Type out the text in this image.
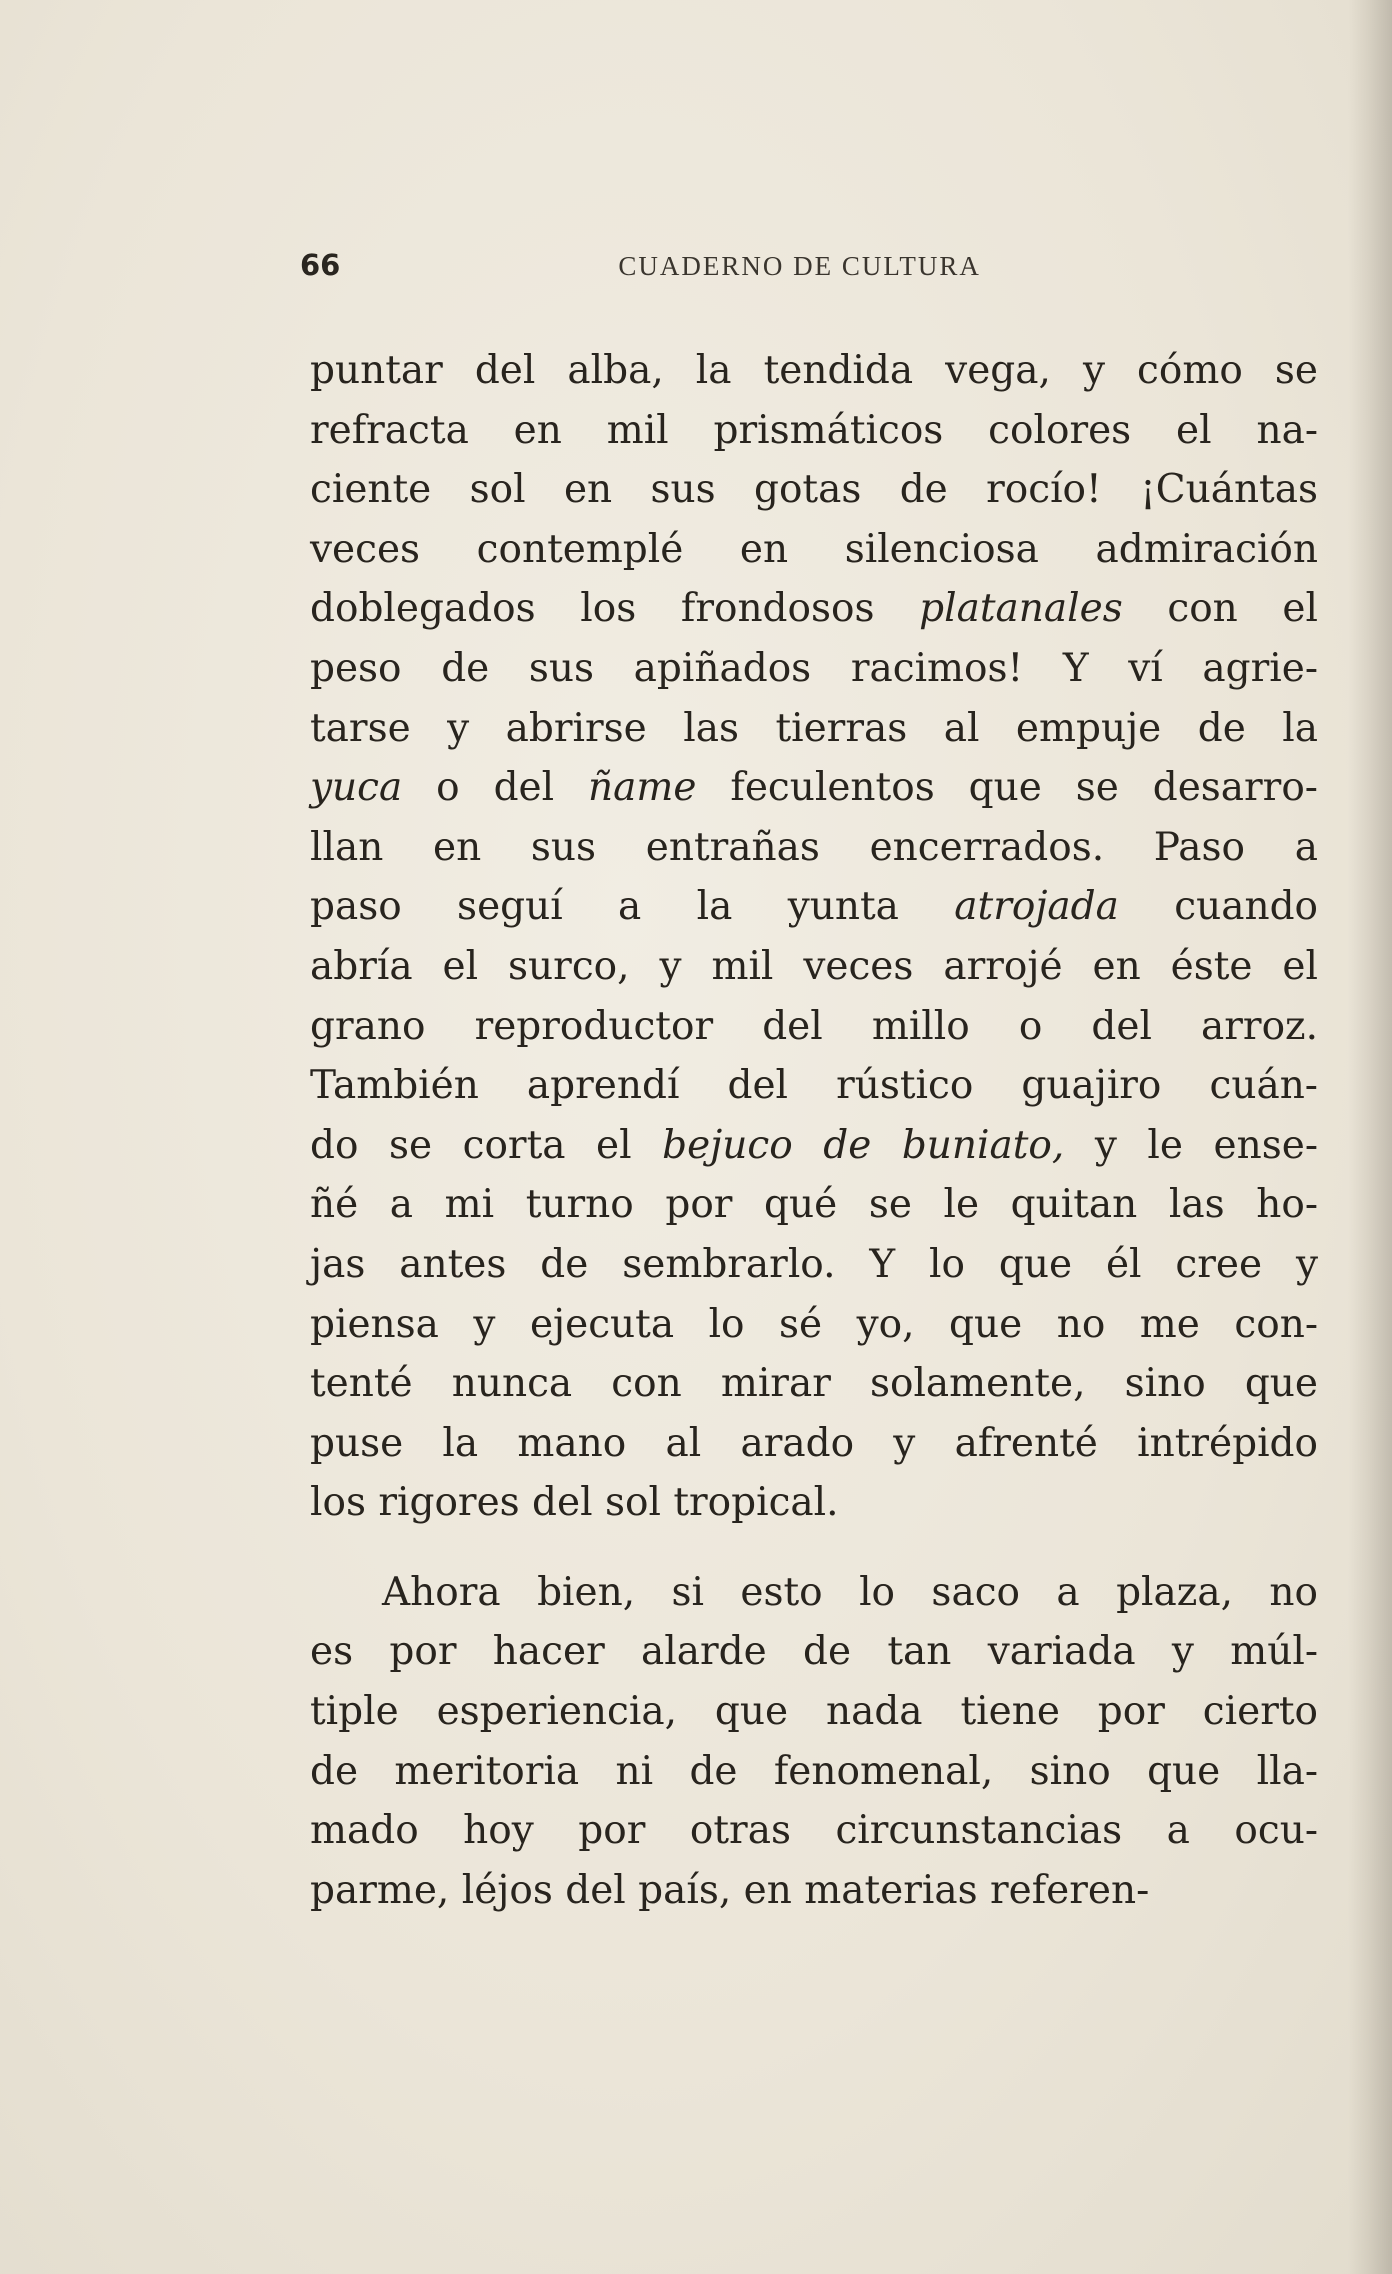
66	CUADERNO DE CULTURA
puntar del alba, la tendida vega, y cómo se
refracta en mil prismáticos colores el na-
ciente sol en sus gotas de rocío! ¡Cuántas
veces contemplé en silenciosa admiración
doblegados los frondosos platanales con el
peso de sus apiñados racimos! Y ví agrie-
tarse y abrirse las tierras al empuje de la
yuca o del ñame feculentos que se desarro-
llan en sus entrañas encerrados. Paso a
paso seguí a la yunta atrojada cuando
abría el surco, y mil veces arrojé en éste el
grano reproductor del millo o del arroz.
También aprendí del rústico guajiro cuán-
do se corta el bejuco de buniato, y le ense-
ñé a mi turno por qué se le quitan las ho-
jas antes de sembrarlo. Y lo que él cree y
piensa y ejecuta lo sé yo, que no me con-
tenté nunca con mirar solamente, sino que
puse la mano al arado y afrenté intrépido
los rigores del sol tropical.
Ahora bien, si esto lo saco a plaza, no
es por hacer alarde de tan variada y múl-
tiple esperiencia, que nada tiene por cierto
de meritoria ni de fenomenal, sino que lla-
mado hoy por otras circunstancias a ocu-
parme, léjos del país, en materias referen-
